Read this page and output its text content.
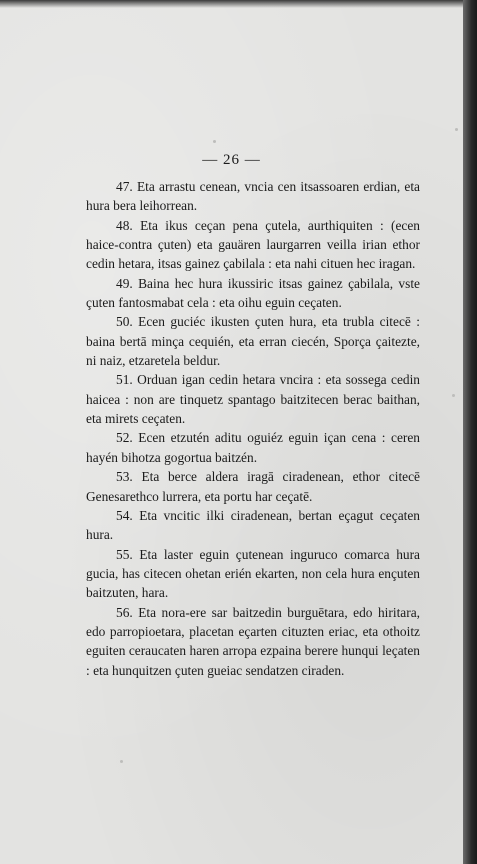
— 26 —

47. Eta arrastu cenean, vncia cen itsassoaren erdian, eta hura bera leihorrean.

48. Eta ikus ceçan pena çutela, aurthiquiten : (ecen haice-contra çuten) eta gauären laurgarren veilla irian ethor cedin hetara, itsas gainez çabilala : eta nahi cituen hec iragan.

49. Baina hec hura ikussiric itsas gainez çabilala, vste çuten fantosmabat cela : eta oihu eguin ceçaten.

50. Ecen guciéc ikusten çuten hura, eta trubla citecē : baina bertā minça cequién, eta erran ciecén, Sporça çaitezte, ni naiz, etzaretela beldur.

51. Orduan igan cedin hetara vncira : eta sossega cedin haicea : non are tinquetz spantago baitzitecen berac baithan, eta mirets ceçaten.

52. Ecen etzutén aditu oguiéz eguin içan cena : ceren hayén bihotza gogortua baitzén.

53. Eta berce aldera iragā ciradenean, ethor citecē Genesarethco lurrera, eta portu har ceçatē.

54. Eta vncitic ilki ciradenean, bertan eçagut ceçaten hura.

55. Eta laster eguin çutenean inguruco comarca hura gucia, has citecen ohetan erién ekarten, non cela hura ençuten baitzuten, hara.

56. Eta nora-ere sar baitzedin burguētara, edo hiritara, edo parropioetara, placetan eçarten cituzten eriac, eta othoitz eguiten ceraucaten haren arropa ezpaina berere hunqui leçaten : eta hunquitzen çuten gueiac sendatzen ciraden.
